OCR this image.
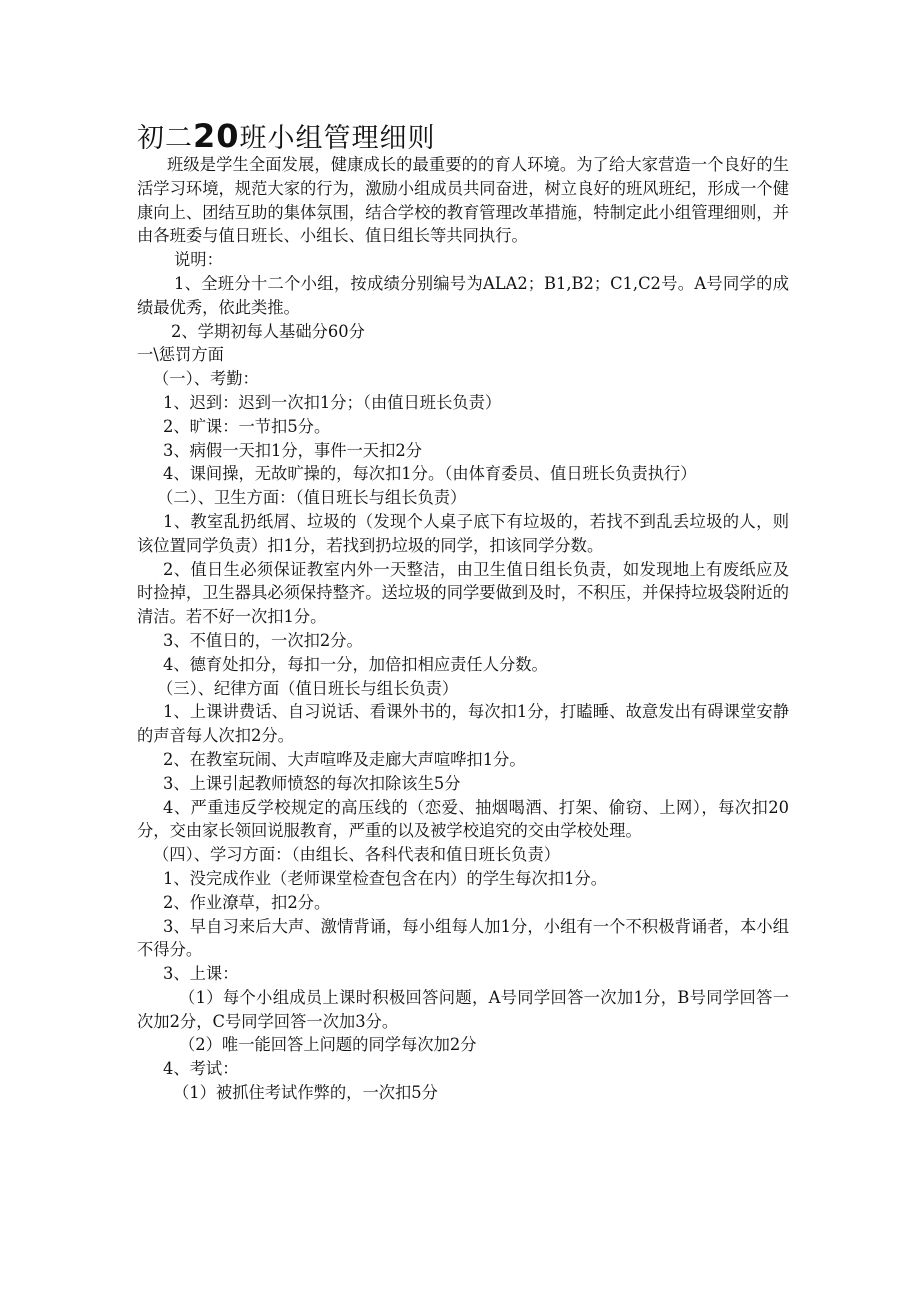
初二20班小组管理细则

班级是学生全面发展，健康成长的最重要的的育人环境。为了给大家营造一个良好的生活学习环境，规范大家的行为，激励小组成员共同奋进，树立良好的班风班纪，形成一个健康向上、团结互助的集体氛围，结合学校的教育管理改革措施，特制定此小组管理细则，并由各班委与值日班长、小组长、值日组长等共同执行。

说明：

1、全班分十二个小组，按成绩分别编号为ALA2；B1,B2；C1,C2号。A号同学的成绩最优秀，依此类推。

2、学期初每人基础分60分

一\惩罚方面

（一）、考勤：

1、迟到：迟到一次扣1分；（由值日班长负责）

2、旷课：一节扣5分。

3、病假一天扣1分，事件一天扣2分

4、课间操，无故旷操的，每次扣1分。（由体育委员、值日班长负责执行）

（二）、卫生方面：（值日班长与组长负责）

1、教室乱扔纸屑、垃圾的（发现个人桌子底下有垃圾的，若找不到乱丢垃圾的人，则该位置同学负责）扣1分，若找到扔垃圾的同学，扣该同学分数。

2、值日生必须保证教室内外一天整洁，由卫生值日组长负责，如发现地上有废纸应及时捡掉，卫生器具必须保持整齐。送垃圾的同学要做到及时，不积压，并保持垃圾袋附近的清洁。若不好一次扣1分。

3、不值日的，一次扣2分。

4、德育处扣分，每扣一分，加倍扣相应责任人分数。

（三）、纪律方面（值日班长与组长负责）

1、上课讲费话、自习说话、看课外书的，每次扣1分，打瞌睡、故意发出有碍课堂安静的声音每人次扣2分。

2、在教室玩闹、大声喧哗及走廊大声喧哗扣1分。

3、上课引起教师愤怒的每次扣除该生5分

4、严重违反学校规定的高压线的（恋爱、抽烟喝酒、打架、偷窃、上网），每次扣20分，交由家长领回说服教育，严重的以及被学校追究的交由学校处理。

（四）、学习方面：（由组长、各科代表和值日班长负责）

1、没完成作业（老师课堂检查包含在内）的学生每次扣1分。

2、作业潦草，扣2分。

3、早自习来后大声、激情背诵，每小组每人加1分，小组有一个不积极背诵者，本小组不得分。

3、上课：

（1）每个小组成员上课时积极回答问题，A号同学回答一次加1分，B号同学回答一次加2分，C号同学回答一次加3分。

（2）唯一能回答上问题的同学每次加2分

4、考试：

（1）被抓住考试作弊的，一次扣5分
